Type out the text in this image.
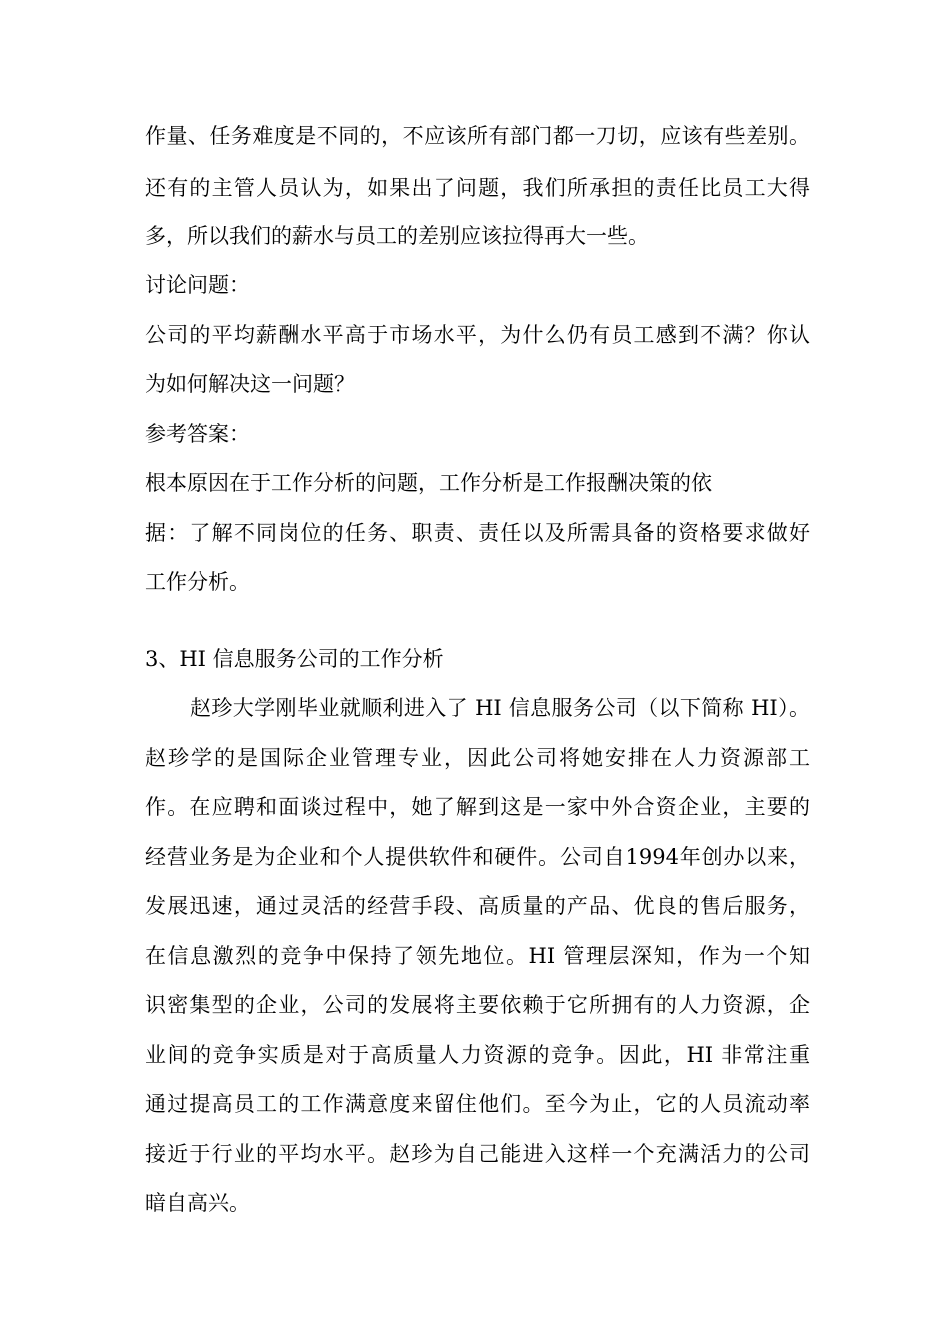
作量、任务难度是不同的，不应该所有部门都一刀切，应该有些差别。
还有的主管人员认为，如果出了问题，我们所承担的责任比员工大得
多，所以我们的薪水与员工的差别应该拉得再大一些。
讨论问题：
公司的平均薪酬水平高于市场水平，为什么仍有员工感到不满？你认
为如何解决这一问题？
参考答案：
根本原因在于工作分析的问题，工作分析是工作报酬决策的依
据：了解不同岗位的任务、职责、责任以及所需具备的资格要求做好
工作分析。
3、HI 信息服务公司的工作分析
赵珍大学刚毕业就顺利进入了 HI 信息服务公司（以下简称 HI）。
赵珍学的是国际企业管理专业，因此公司将她安排在人力资源部工
作。在应聘和面谈过程中，她了解到这是一家中外合资企业，主要的
经营业务是为企业和个人提供软件和硬件。公司自1994年创办以来，
发展迅速，通过灵活的经营手段、高质量的产品、优良的售后服务，
在信息激烈的竞争中保持了领先地位。HI 管理层深知，作为一个知
识密集型的企业，公司的发展将主要依赖于它所拥有的人力资源，企
业间的竞争实质是对于高质量人力资源的竞争。因此，HI 非常注重
通过提高员工的工作满意度来留住他们。至今为止，它的人员流动率
接近于行业的平均水平。赵珍为自己能进入这样一个充满活力的公司
暗自高兴。
